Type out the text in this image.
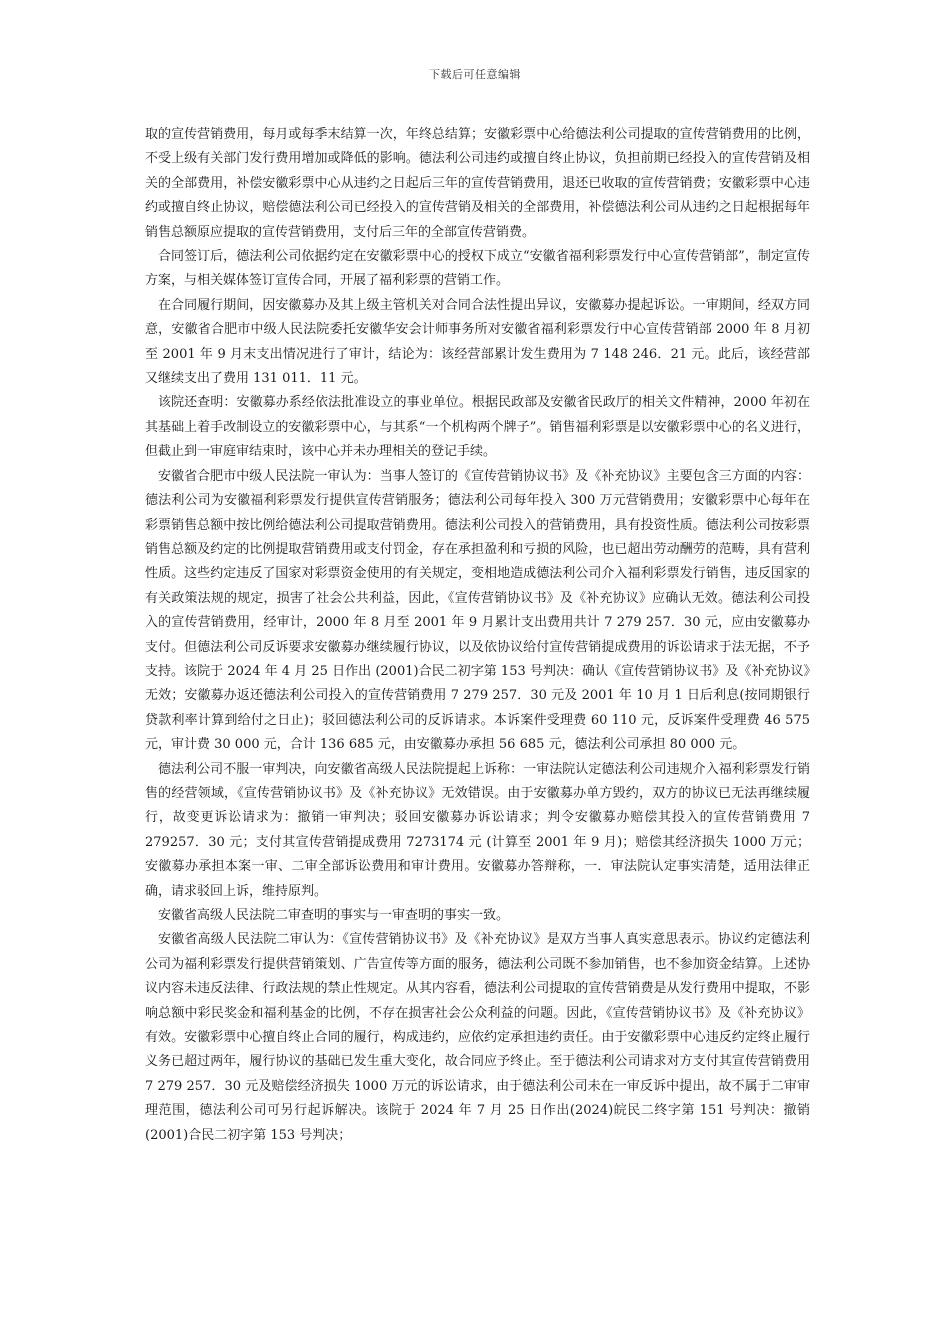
下载后可任意编辑

取的宣传营销费用，每月或每季末结算一次，年终总结算；安徽彩票中心给德法利公司提取的宣传营销费用的比例，不受上级有关部门发行费用增加或降低的影响。德法利公司违约或擅自终止协议，负担前期已经投入的宣传营销及相关的全部费用，补偿安徽彩票中心从违约之日起后三年的宣传营销费用，退还已收取的宣传营销费；安徽彩票中心违约或擅自终止协议，赔偿德法利公司已经投入的宣传营销及相关的全部费用，补偿德法利公司从违约之日起根据每年销售总额原应提取的宣传营销费用，支付后三年的全部宣传营销费。

合同签订后，德法利公司依据约定在安徽彩票中心的授权下成立“安徽省福利彩票发行中心宣传营销部”，制定宣传方案，与相关媒体签订宣传合同，开展了福利彩票的营销工作。

在合同履行期间，因安徽募办及其上级主管机关对合同合法性提出异议，安徽募办提起诉讼。一审期间，经双方同意，安徽省合肥市中级人民法院委托安徽华安会计师事务所对安徽省福利彩票发行中心宣传营销部 2000 年 8 月初至 2001 年 9 月末支出情况进行了审计，结论为：该经营部累计发生费用为 7 148 246．21 元。此后，该经营部又继续支出了费用 131 011．11 元。

该院还查明：安徽募办系经依法批准设立的事业单位。根据民政部及安徽省民政厅的相关文件精神，2000 年初在其基础上着手改制设立的安徽彩票中心，与其系“一个机构两个牌子”。销售福利彩票是以安徽彩票中心的名义进行，但截止到一审庭审结束时，该中心并未办理相关的登记手续。

安徽省合肥市中级人民法院一审认为：当事人签订的《宣传营销协议书》及《补充协议》主要包含三方面的内容：德法利公司为安徽福利彩票发行提供宣传营销服务；德法利公司每年投入 300 万元营销费用；安徽彩票中心每年在彩票销售总额中按比例给德法利公司提取营销费用。德法利公司投入的营销费用，具有投资性质。德法利公司按彩票销售总额及约定的比例提取营销费用或支付罚金，存在承担盈利和亏损的风险，也已超出劳动酬劳的范畴，具有营利性质。这些约定违反了国家对彩票资金使用的有关规定，变相地造成德法利公司介入福利彩票发行销售，违反国家的有关政策法规的规定，损害了社会公共利益，因此，《宣传营销协议书》及《补充协议》应确认无效。德法利公司投入的宣传营销费用，经审计，2000 年 8 月至 2001 年 9 月累计支出费用共计 7 279 257．30 元，应由安徽募办支付。但德法利公司反诉要求安徽募办继续履行协议，以及依协议给付宣传营销提成费用的诉讼请求于法无据，不予支持。该院于 2024 年 4 月 25 日作出 (2001)合民二初字第 153 号判决：确认《宣传营销协议书》及《补充协议》无效；安徽募办返还德法利公司投入的宣传营销费用 7 279 257．30 元及 2001 年 10 月 1 日后利息(按同期银行贷款利率计算到给付之日止)；驳回德法利公司的反诉请求。本诉案件受理费 60 110 元，反诉案件受理费 46 575 元，审计费 30 000 元，合计 136 685 元，由安徽募办承担 56 685 元，德法利公司承担 80 000 元。

德法利公司不服一审判决，向安徽省高级人民法院提起上诉称：一审法院认定德法利公司违规介入福利彩票发行销售的经营领域，《宣传营销协议书》及《补充协议》无效错误。由于安徽募办单方毁约，双方的协议已无法再继续履行，故变更诉讼请求为：撤销一审判决；驳回安徽募办诉讼请求；判令安徽募办赔偿其投入的宣传营销费用 7 279257．30 元；支付其宣传营销提成费用 7273174 元 (计算至 2001 年 9 月)；赔偿其经济损失 1000 万元；安徽募办承担本案一审、二审全部诉讼费用和审计费用。安徽募办答辩称，一．审法院认定事实清楚，适用法律正确，请求驳回上诉，维持原判。

安徽省高级人民法院二审查明的事实与一审查明的事实一致。

安徽省高级人民法院二审认为：《宣传营销协议书》及《补充协议》是双方当事人真实意思表示。协议约定德法利公司为福利彩票发行提供营销策划、广告宣传等方面的服务，德法利公司既不参加销售，也不参加资金结算。上述协议内容未违反法律、行政法规的禁止性规定。从其内容看，德法利公司提取的宣传营销费是从发行费用中提取，不影响总额中彩民奖金和福利基金的比例，不存在损害社会公众利益的问题。因此，《宣传营销协议书》及《补充协议》有效。安徽彩票中心擅自终止合同的履行，构成违约，应依约定承担违约责任。由于安徽彩票中心违反约定终止履行义务已超过两年，履行协议的基础已发生重大变化，故合同应予终止。至于德法利公司请求对方支付其宣传营销费用 7 279 257．30 元及赔偿经济损失 1000 万元的诉讼请求，由于德法利公司未在一审反诉中提出，故不属于二审审理范围，德法利公司可另行起诉解决。该院于 2024 年 7 月 25 日作出(2024)皖民二终字第 151 号判决：撤销(2001)合民二初字第 153 号判决；
